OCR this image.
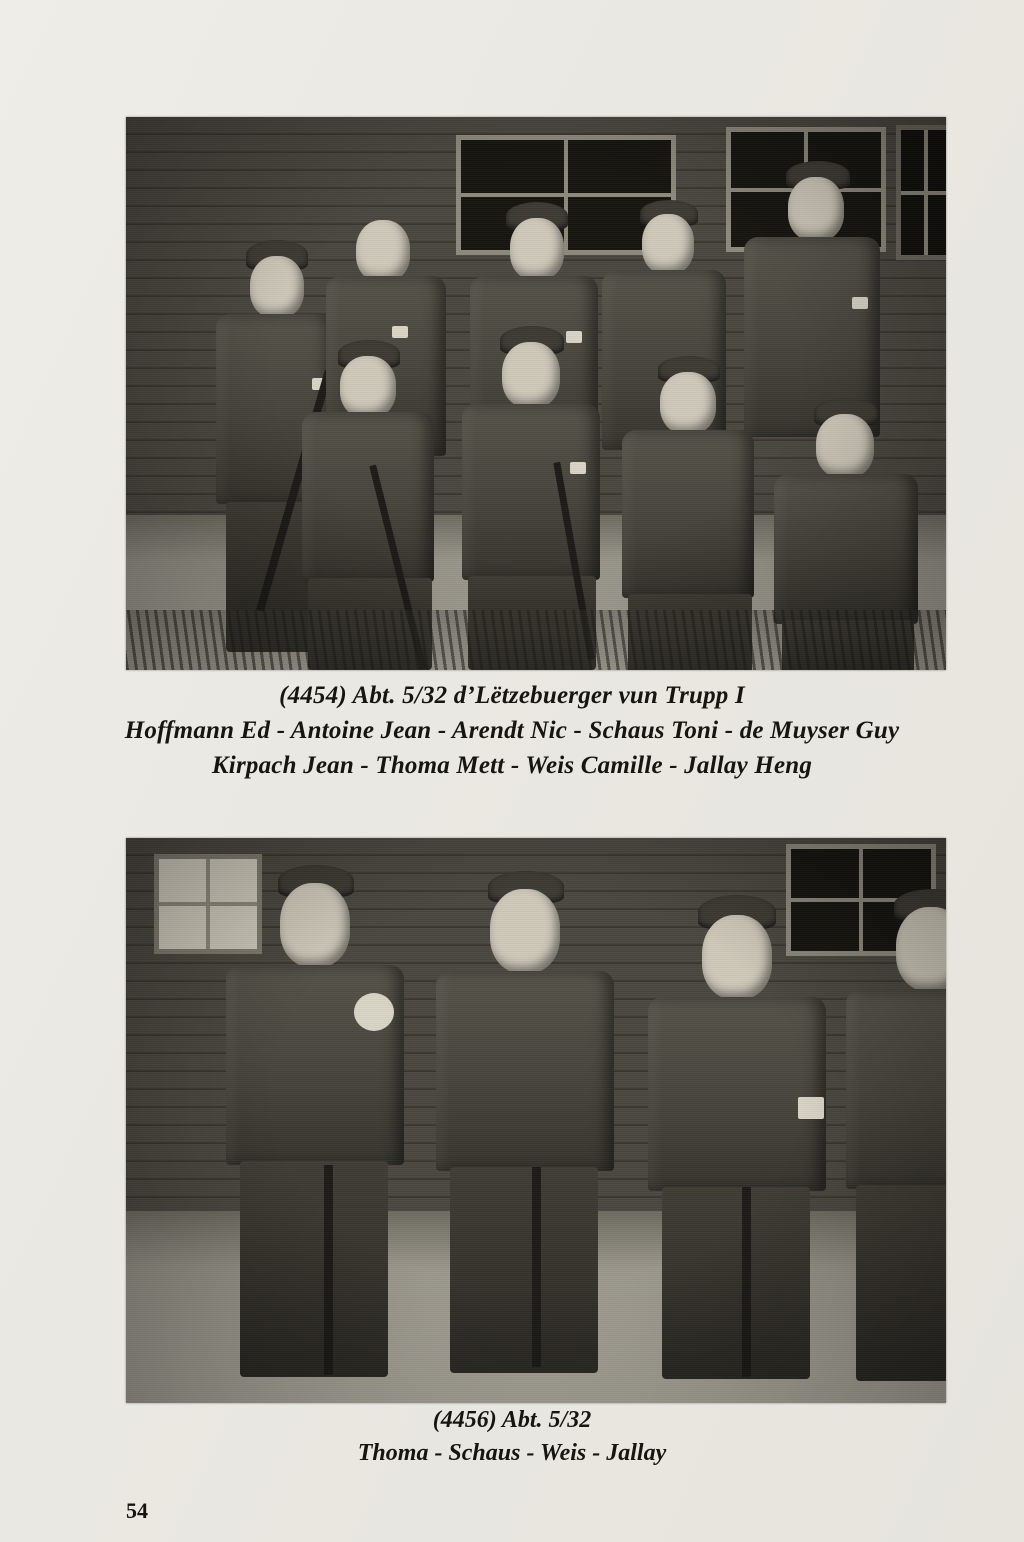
(4454) Abt. 5/32 d’Lëtzebuerger vun Trupp I
Hoffmann Ed - Antoine Jean - Arendt Nic - Schaus Toni - de Muyser Guy
Kirpach Jean - Thoma Mett - Weis Camille - Jallay Heng
(4456) Abt. 5/32
Thoma - Schaus - Weis - Jallay
54
